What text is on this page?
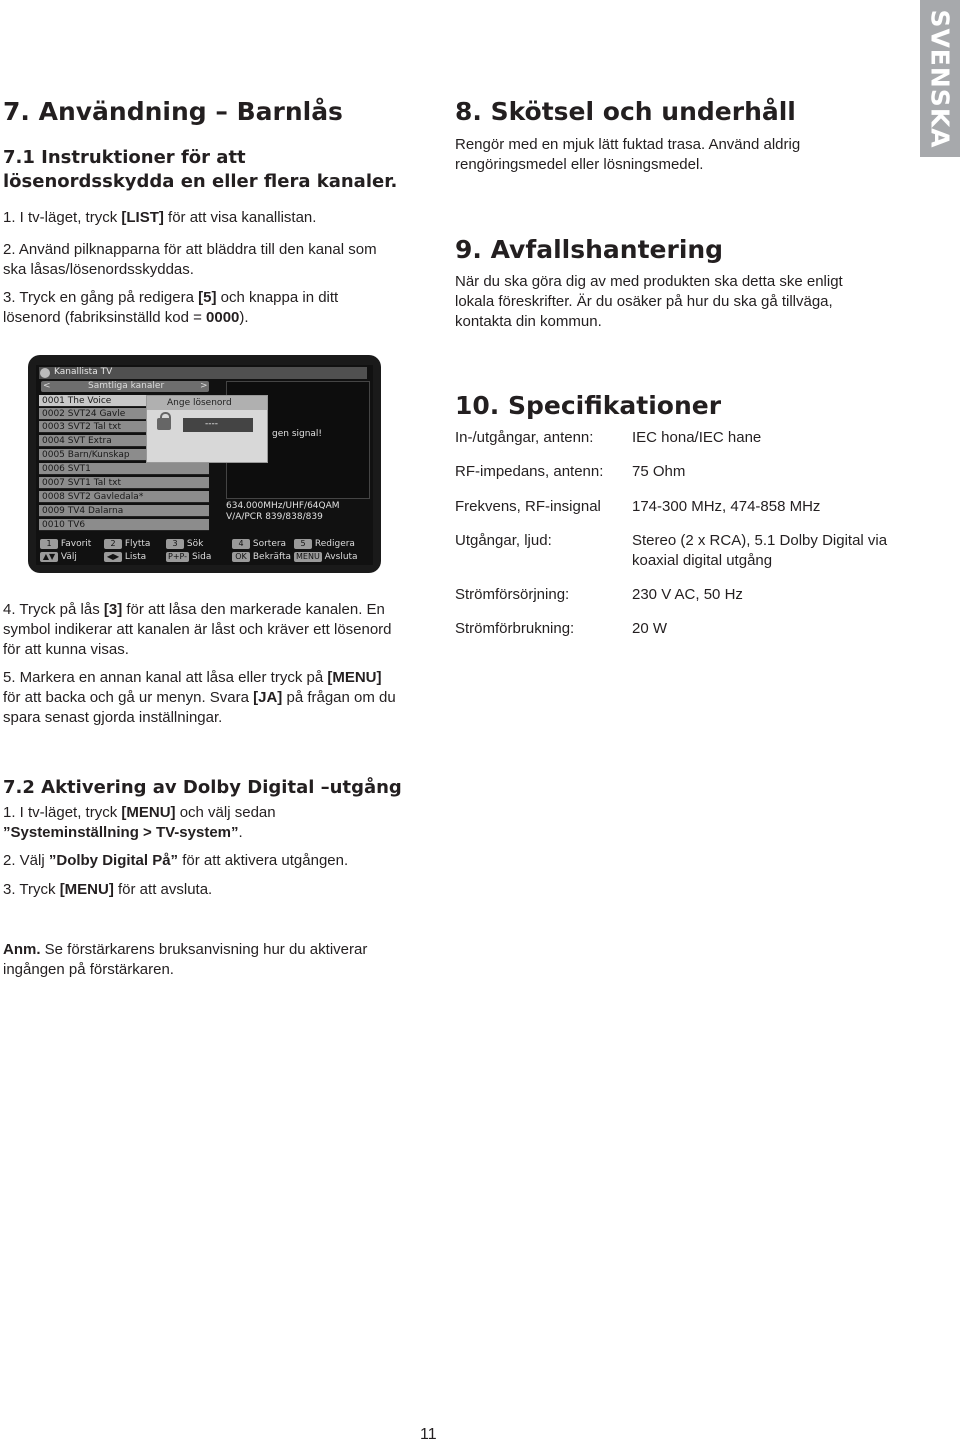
SVENSKA
7. Användning – Barnlås
7.1 Instruktioner för att lösenordsskydda en eller flera kanaler.

1. I tv-läget, tryck [LIST] för att visa kanallistan.

2. Använd pilknapparna för att bläddra till den kanal som ska låsas/lösenordsskyddas.

3. Tryck en gång på redigera [5] och knappa in ditt lösenord (fabriksinställd kod = 0000).

Kanallista TV
<	Samtliga kanaler	>
0001 The Voice
0002 SVT24 Gavle
0003 SVT2 Tal txt
0004 SVT Extra
0005 Barn/Kunskap
0006 SVT1
0007 SVT1 Tal txt
0008 SVT2 Gavledala*
0009 TV4 Dalarna
0010 TV6
gen signal!
Ange lösenord
----
634.000MHz/UHF/64QAM
V/A/PCR 839/838/839
1 Favorit	2 Flytta	3 Sök	4 Sortera	5 Redigera
▲▼ Välj	◀▶ Lista	P+P- Sida	OK Bekräfta MENU Avsluta

4. Tryck på lås [3] för att låsa den markerade kanalen. En symbol indikerar att kanalen är låst och kräver ett lösenord för att kunna visas.

5. Markera en annan kanal att låsa eller tryck på [MENU] för att backa och gå ur menyn. Svara [JA] på frågan om du spara senast gjorda inställningar.

7.2 Aktivering av Dolby Digital –utgång

1. I tv-läget, tryck [MENU] och välj sedan ”Systeminställning > TV-system”.

2. Välj ”Dolby Digital På” för att aktivera utgången.

3. Tryck [MENU] för att avsluta.

Anm. Se förstärkarens bruksanvisning hur du aktiverar ingången på förstärkaren.

8. Skötsel och underhåll

Rengör med en mjuk lätt fuktad trasa. Använd aldrig rengöringsmedel eller lösningsmedel.

9. Avfallshantering

När du ska göra dig av med produkten ska detta ske enligt lokala föreskrifter. Är du osäker på hur du ska gå tillväga, kontakta din kommun.

10. Specifikationer
In-/utgångar, antenn:	IEC hona/IEC hane
RF-impedans, antenn: 75 Ohm
Frekvens, RF-insignal 174-300 MHz, 474-858 MHz
Utgångar, ljud:	Stereo (2 x RCA), 5.1 Dolby Digital via koaxial digital utgång
Strömförsörjning:	230 V AC, 50 Hz
Strömförbrukning:	20 W
11
